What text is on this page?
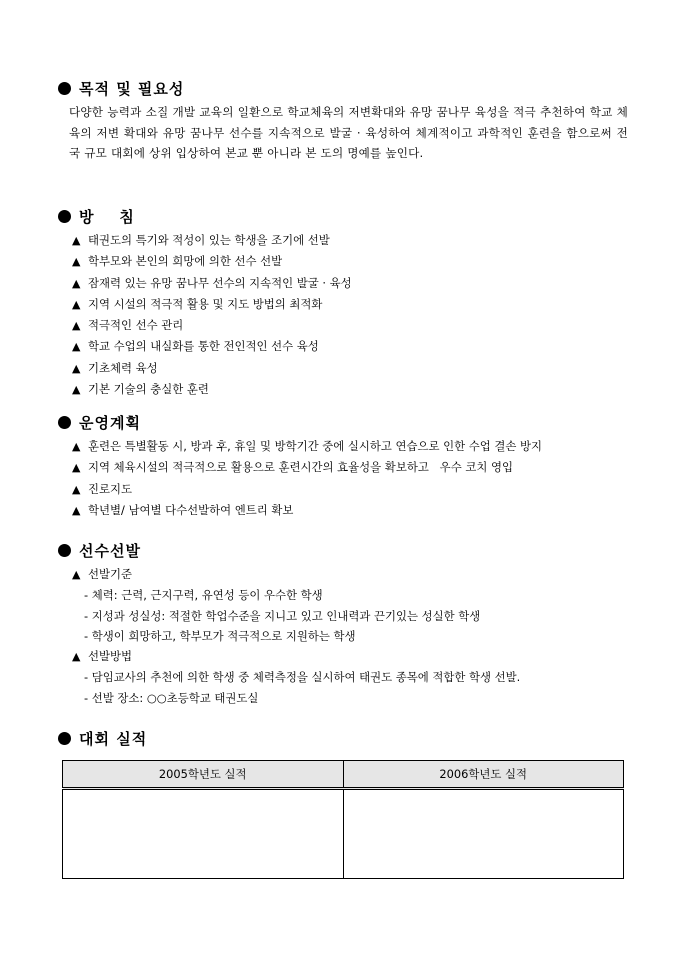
목적 및 필요성
다양한 능력과 소질 개발 교육의 일환으로 학교체육의 저변확대와 유망 꿈나무 육성을 적극 추천하여 학교 체육의 저변 확대와 유망 꿈나무 선수를 지속적으로 발굴 · 육성하여 체계적이고 과학적인 훈련을 함으로써 전국 규모 대회에 상위 입상하여 본교 뿐 아니라 본 도의 명예를 높인다.
방    침
▲ 태권도의 특기와 적성이 있는 학생을 조기에 선발
▲ 학부모와 본인의 희망에 의한 선수 선발
▲ 잠재력 있는 유망 꿈나무 선수의 지속적인 발굴 · 육성
▲ 지역 시설의 적극적 활용 및 지도 방법의 최적화
▲ 적극적인 선수 관리
▲ 학교 수업의 내실화를 통한 전인적인 선수 육성
▲ 기초체력 육성
▲ 기본 기술의 충실한 훈련
운영계획
▲ 훈련은 특별활동 시, 방과 후, 휴일 및 방학기간 중에 실시하고 연습으로 인한 수업 결손 방지
▲ 지역 체육시설의 적극적으로 활용으로 훈련시간의 효율성을 확보하고   우수 코치 영입
▲ 진로지도
▲ 학년별/ 남여별 다수선발하여 엔트리 확보
선수선발
▲ 선발기준
- 체력: 근력, 근지구력, 유연성 등이 우수한 학생
- 지성과 성실성: 적절한 학업수준을 지니고 있고 인내력과 끈기있는 성실한 학생
- 학생이 희망하고, 학부모가 적극적으로 지원하는 학생
▲ 선발방법
- 담임교사의 추천에 의한 학생 중 체력측정을 실시하여 태권도 종목에 적합한 학생 선발.
- 선발 장소: ○○초등학교 태권도실
대회 실적
2005학년도 실적	2006학년도 실적
